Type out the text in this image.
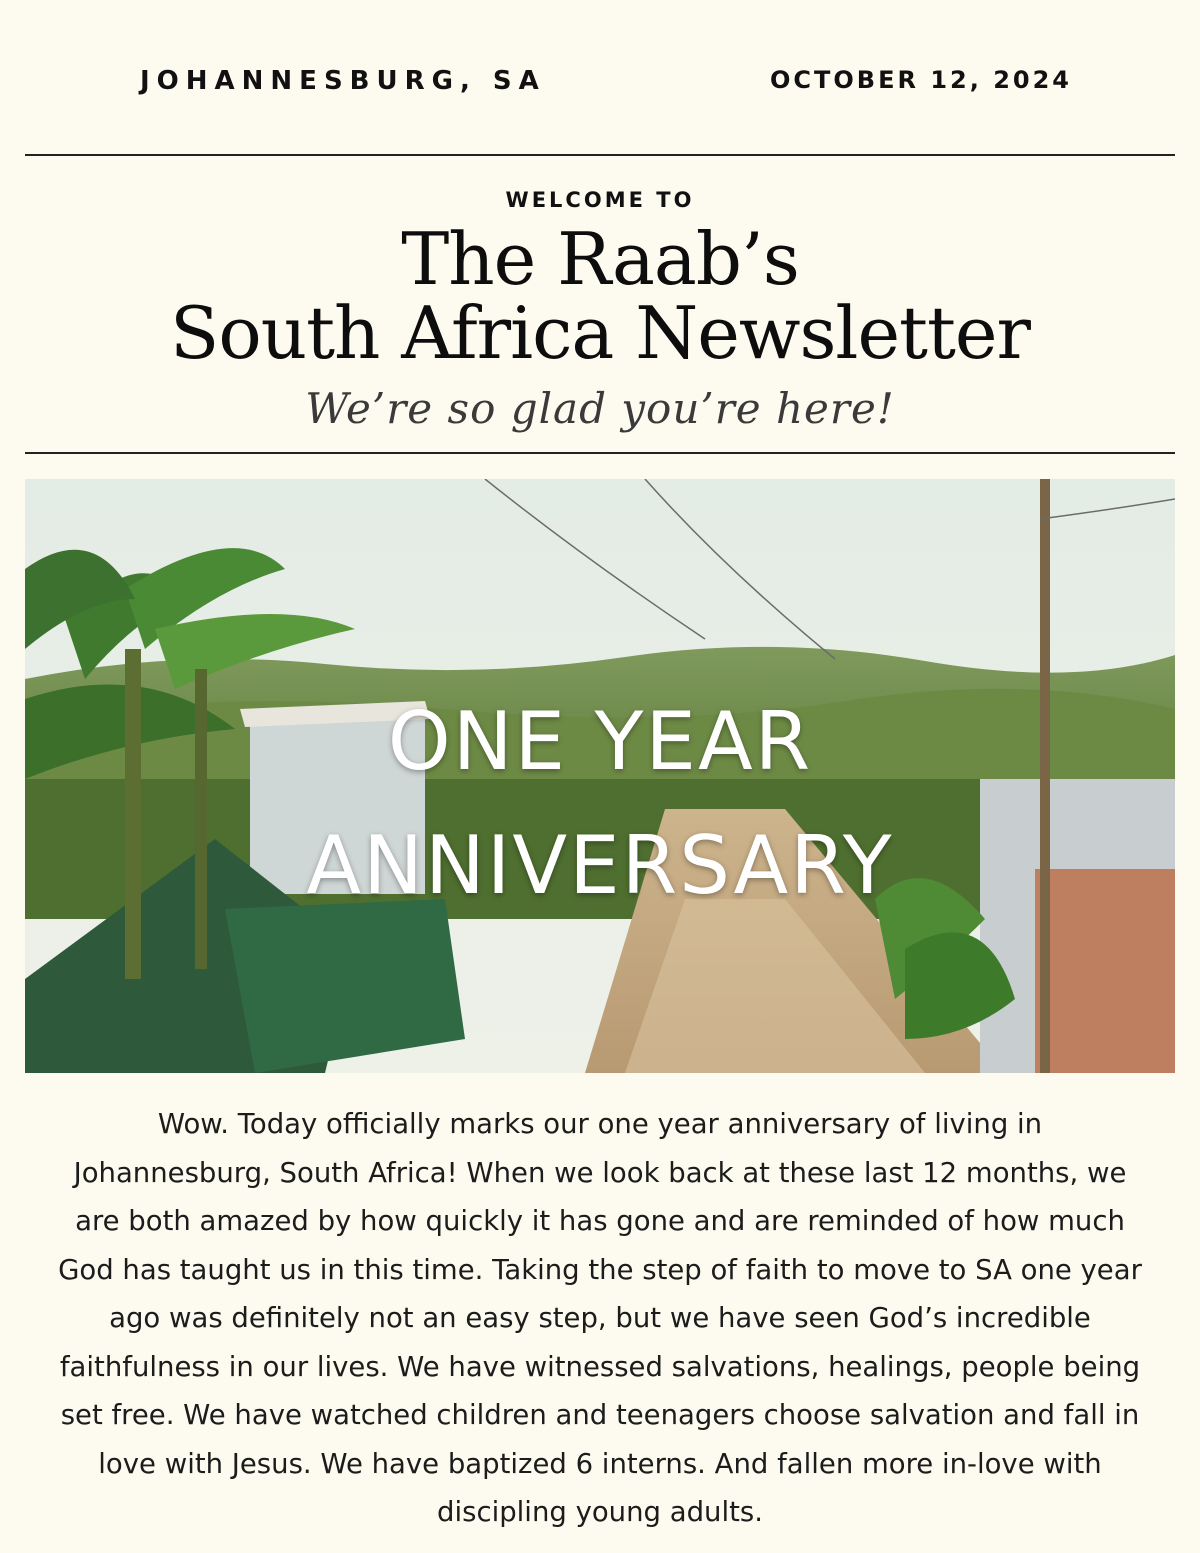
JOHANNESBURG, SA	OCTOBER 12, 2024
WELCOME TO
The Raab’s
South Africa Newsletter
We’re so glad you’re here!
ONE YEAR
ANNIVERSARY
Wow. Today officially marks our one year anniversary of living in Johannesburg, South Africa! When we look back at these last 12 months, we are both amazed by how quickly it has gone and are reminded of how much God has taught us in this time. Taking the step of faith to move to SA one year ago was definitely not an easy step, but we have seen God’s incredible faithfulness in our lives. We have witnessed salvations, healings, people being set free. We have watched children and teenagers choose salvation and fall in love with Jesus. We have baptized 6 interns. And fallen more in-love with discipling young adults.
